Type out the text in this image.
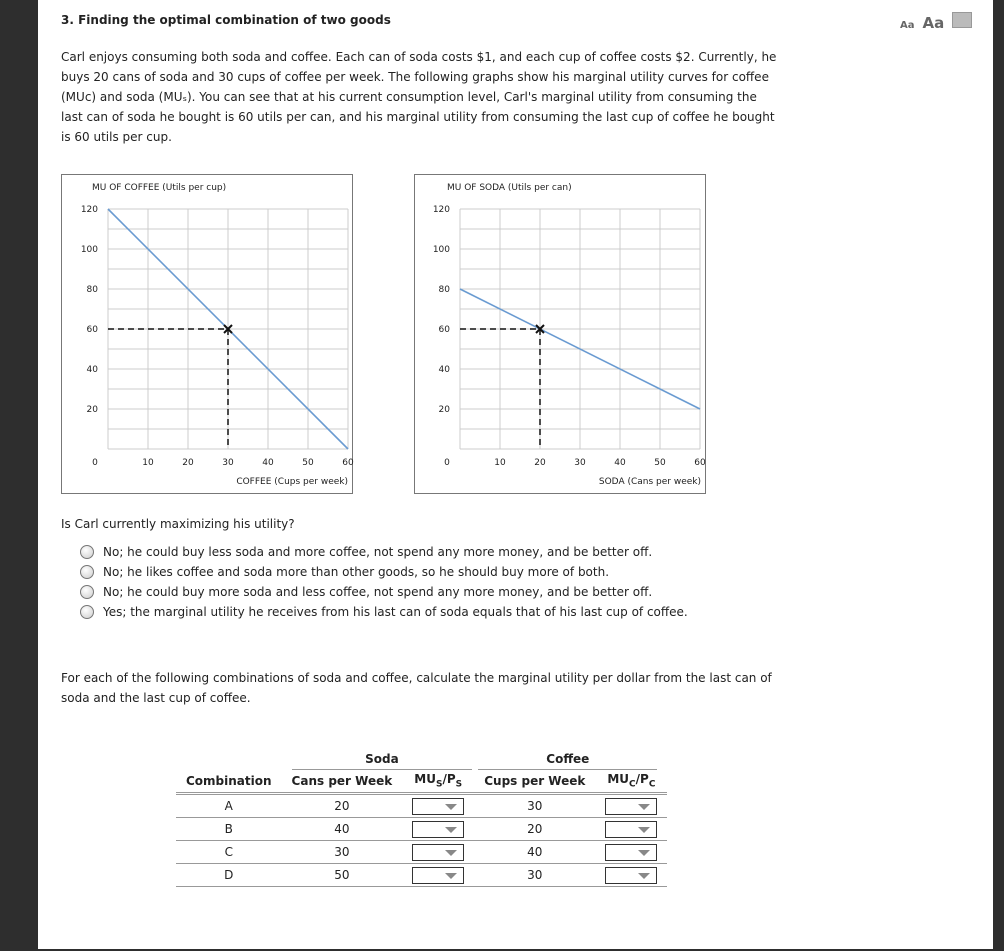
3. Finding the optimal combination of two goods	Aa Aa
Carl enjoys consuming both soda and coffee. Each can of soda costs $1, and each cup of coffee costs $2. Currently, he buys 20 cans of soda and 30 cups of coffee per week. The following graphs show his marginal utility curves for coffee (MUᴄ) and soda (MUₛ). You can see that at his current consumption level, Carl's marginal utility from consuming the last can of soda he bought is 60 utils per can, and his marginal utility from consuming the last cup of coffee he bought is 60 utils per cup.
MU OF COFFEE (Utils per cup)
20
40
60
80
100
120
0	10	20	30	40	50	60
COFFEE (Cups per week)
MU OF SODA (Utils per can)
20
40
60
80
100
120
0	10	20	30	40	50	60
SODA (Cans per week)
Is Carl currently maximizing his utility?
No; he could buy less soda and more coffee, not spend any more money, and be better off.
No; he likes coffee and soda more than other goods, so he should buy more of both.
No; he could buy more soda and less coffee, not spend any more money, and be better off.
Yes; the marginal utility he receives from his last can of soda equals that of his last cup of coffee.
For each of the following combinations of soda and coffee, calculate the marginal utility per dollar from the last can of soda and the last cup of coffee.

	Soda		Coffee	

Combination	Cans per Week	$MU_S/P_S$	Cups per Week	$MU_C/P_C$
A	20		30	
B	40		20	
C	30		40	
D	50		30	
